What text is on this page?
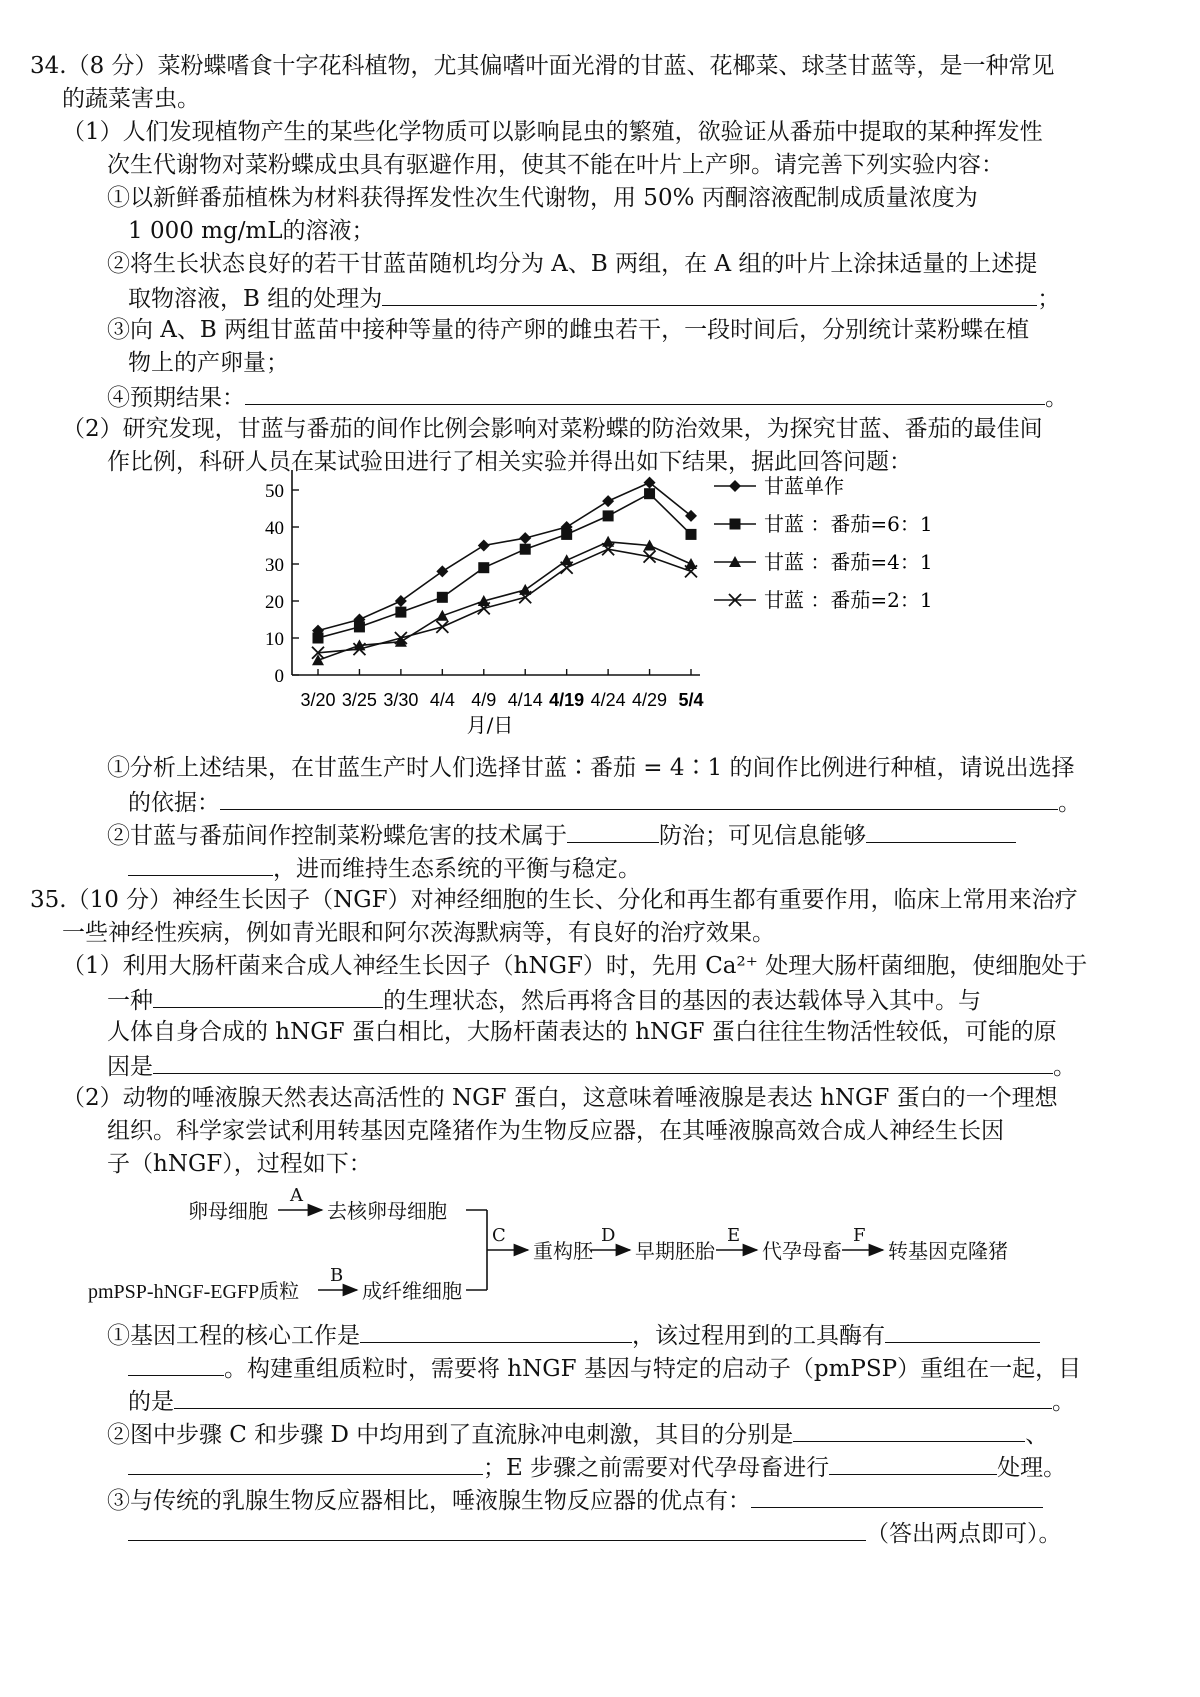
34.（8 分）菜粉蝶嗜食十字花科植物，尤其偏嗜叶面光滑的甘蓝、花椰菜、球茎甘蓝等，是一种常见
的蔬菜害虫。
（1）人们发现植物产生的某些化学物质可以影响昆虫的繁殖，欲验证从番茄中提取的某种挥发性
次生代谢物对菜粉蝶成虫具有驱避作用，使其不能在叶片上产卵。请完善下列实验内容：
①以新鲜番茄植株为材料获得挥发性次生代谢物，用 50% 丙酮溶液配制成质量浓度为
1 000 mg/mL的溶液；
②将生长状态良好的若干甘蓝苗随机均分为 A、B 两组，在 A 组的叶片上涂抹适量的上述提
取物溶液，B 组的处理为	；
③向 A、B 两组甘蓝苗中接种等量的待产卵的雌虫若干，一段时间后，分别统计菜粉蝶在植
物上的产卵量；
④预期结果：	。
（2）研究发现，甘蓝与番茄的间作比例会影响对菜粉蝶的防治效果，为探究甘蓝、番茄的最佳间
作比例，科研人员在某试验田进行了相关实验并得出如下结果，据此回答问题：
0
10
20
30
40
50
3/20 3/25 3/30 4/4 4/9 4/14 4/19 4/24 4/29 5/4
甘蓝单作
甘蓝 ：番茄=6：1
甘蓝 ：番茄=4：1
甘蓝 ：番茄=2：1
月/日
①分析上述结果，在甘蓝生产时人们选择甘蓝∶番茄 = 4∶1 的间作比例进行种植，请说出选择
的依据：	。
②甘蓝与番茄间作控制菜粉蝶危害的技术属于	防治；可见信息能够
，进而维持生态系统的平衡与稳定。
35.（10 分）神经生长因子（NGF）对神经细胞的生长、分化和再生都有重要作用，临床上常用来治疗
一些神经性疾病，例如青光眼和阿尔茨海默病等，有良好的治疗效果。
（1）利用大肠杆菌来合成人神经生长因子（hNGF）时，先用 Ca²⁺ 处理大肠杆菌细胞，使细胞处于
一种	的生理状态，然后再将含目的基因的表达载体导入其中。与
人体自身合成的 hNGF 蛋白相比，大肠杆菌表达的 hNGF 蛋白往往生物活性较低，可能的原
因是	。
（2）动物的唾液腺天然表达高活性的 NGF 蛋白，这意味着唾液腺是表达 hNGF 蛋白的一个理想
组织。科学家尝试利用转基因克隆猪作为生物反应器，在其唾液腺高效合成人神经生长因
子（hNGF），过程如下：
卵母细胞
A
去核卵母细胞
pmPSP-hNGF-EGFP质粒
B
成纤维细胞
C
重构胚
D
早期胚胎
E
代孕母畜
F
转基因克隆猪
①基因工程的核心工作是	，该过程用到的工具酶有
。构建重组质粒时，需要将 hNGF 基因与特定的启动子（pmPSP）重组在一起，目
的是	。
②图中步骤 C 和步骤 D 中均用到了直流脉冲电刺激，其目的分别是	、
；E 步骤之前需要对代孕母畜进行	处理。
③与传统的乳腺生物反应器相比，唾液腺生物反应器的优点有：
（答出两点即可）。
